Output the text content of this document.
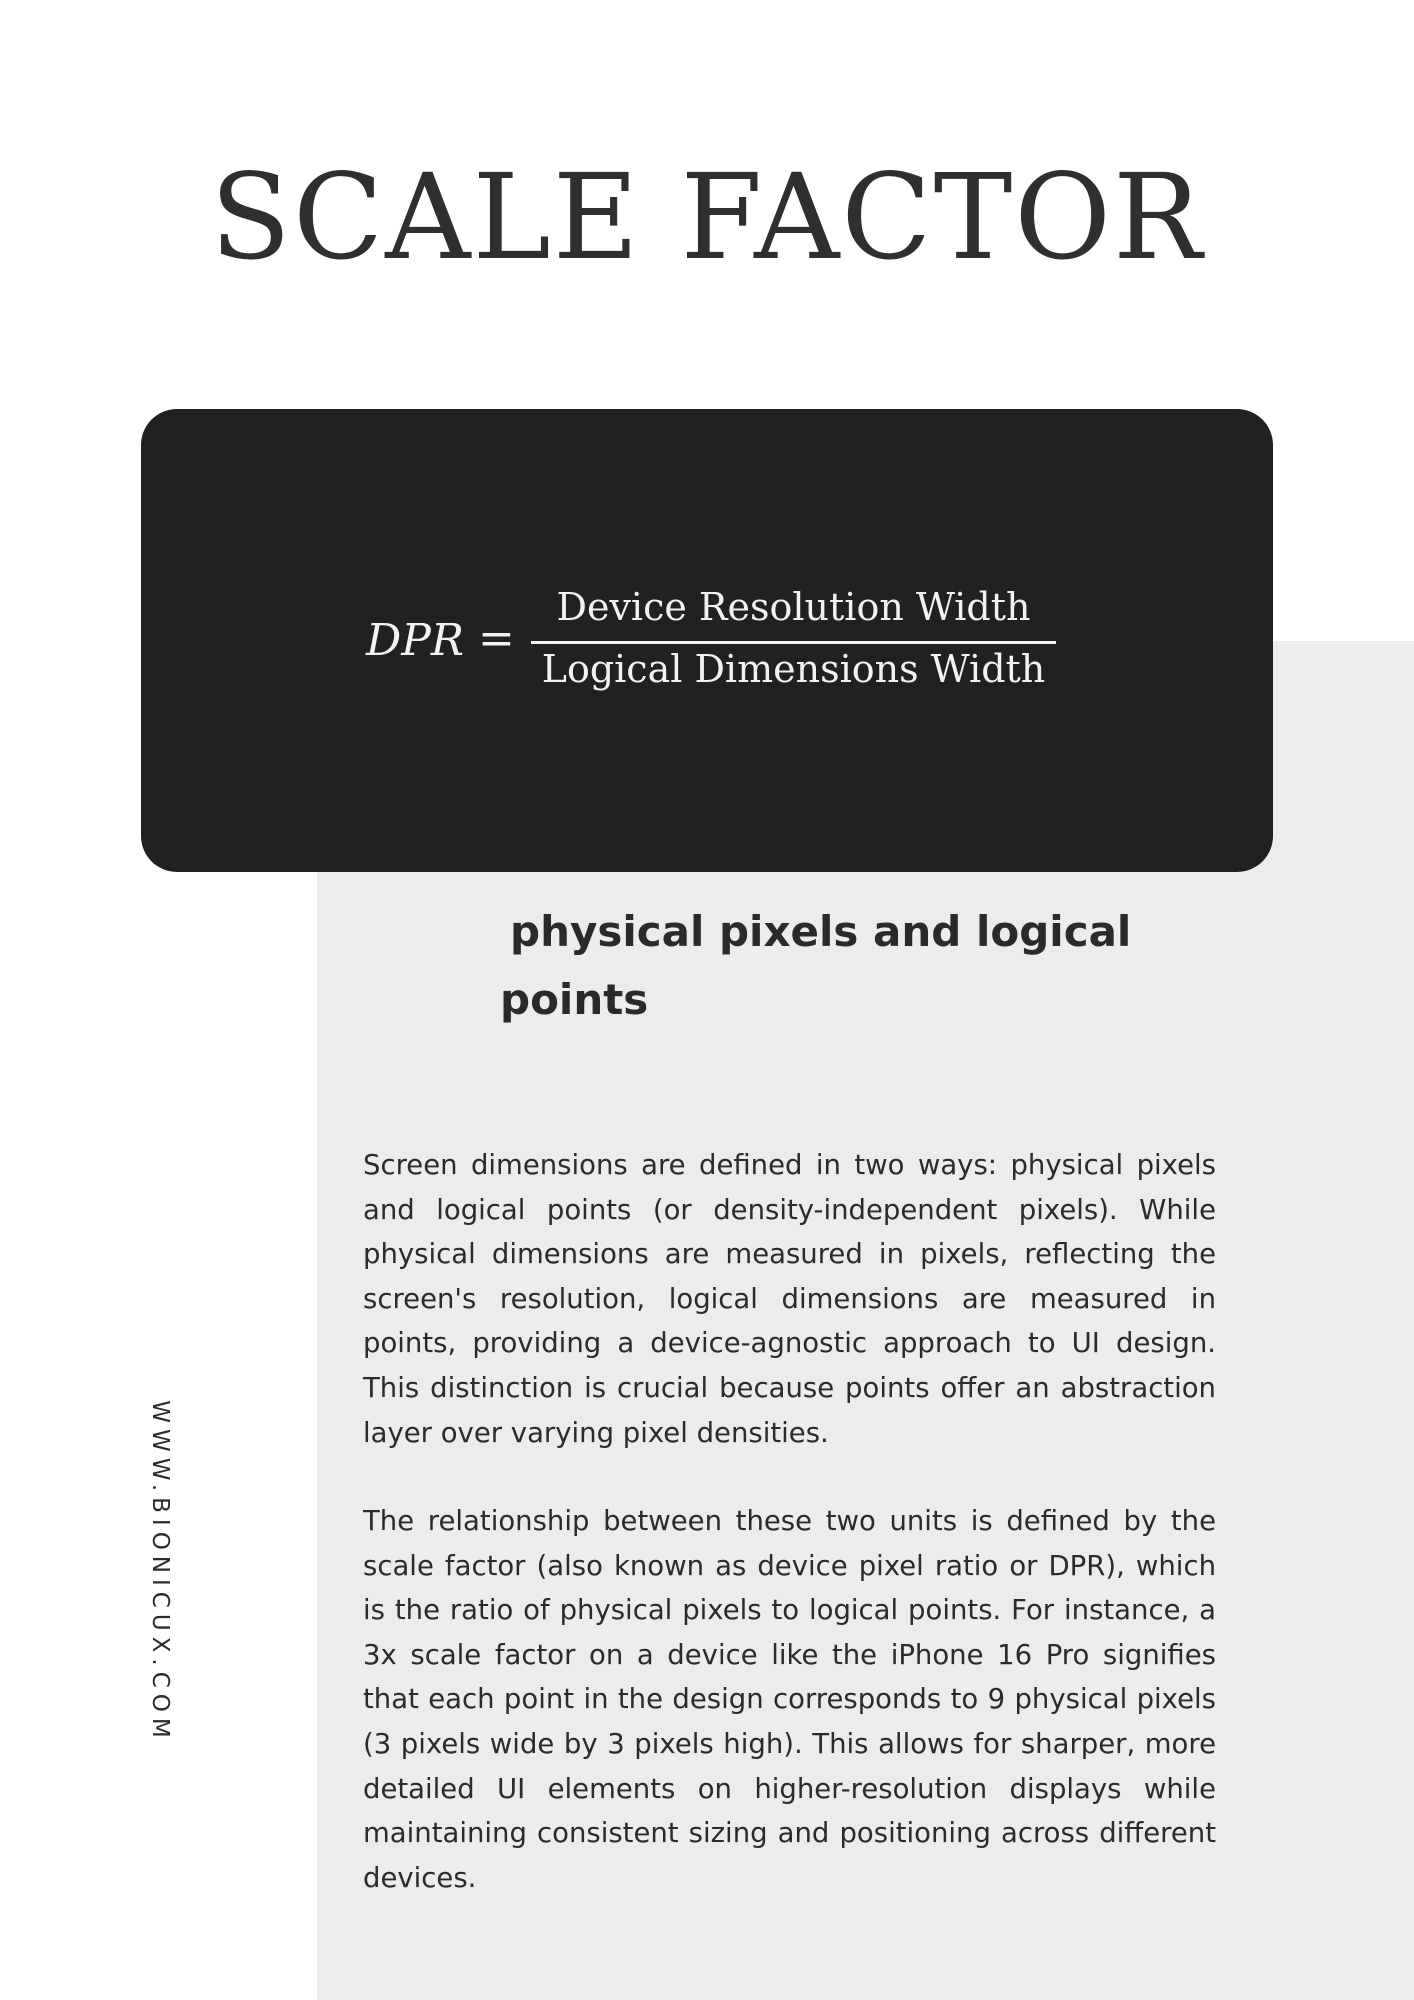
SCALE FACTOR
DPR =
Device Resolution Width
Logical Dimensions Width
physical pixels and logical
points

Screen dimensions are defined in two ways: physical pixels and logical points (or density-independent pixels). While physical dimensions are measured in pixels, reflecting the screen's resolution, logical dimensions are measured in points, providing a device-agnostic approach to UI design. This distinction is crucial because points offer an abstraction layer over varying pixel densities.

The relationship between these two units is defined by the scale factor (also known as device pixel ratio or DPR), which is the ratio of physical pixels to logical points. For instance, a 3x scale factor on a device like the iPhone 16 Pro signifies that each point in the design corresponds to 9 physical pixels (3 pixels wide by 3 pixels high). This allows for sharper, more detailed UI elements on higher-resolution displays while maintaining consistent sizing and positioning across different devices.

WWW.BIONICUX.COM
